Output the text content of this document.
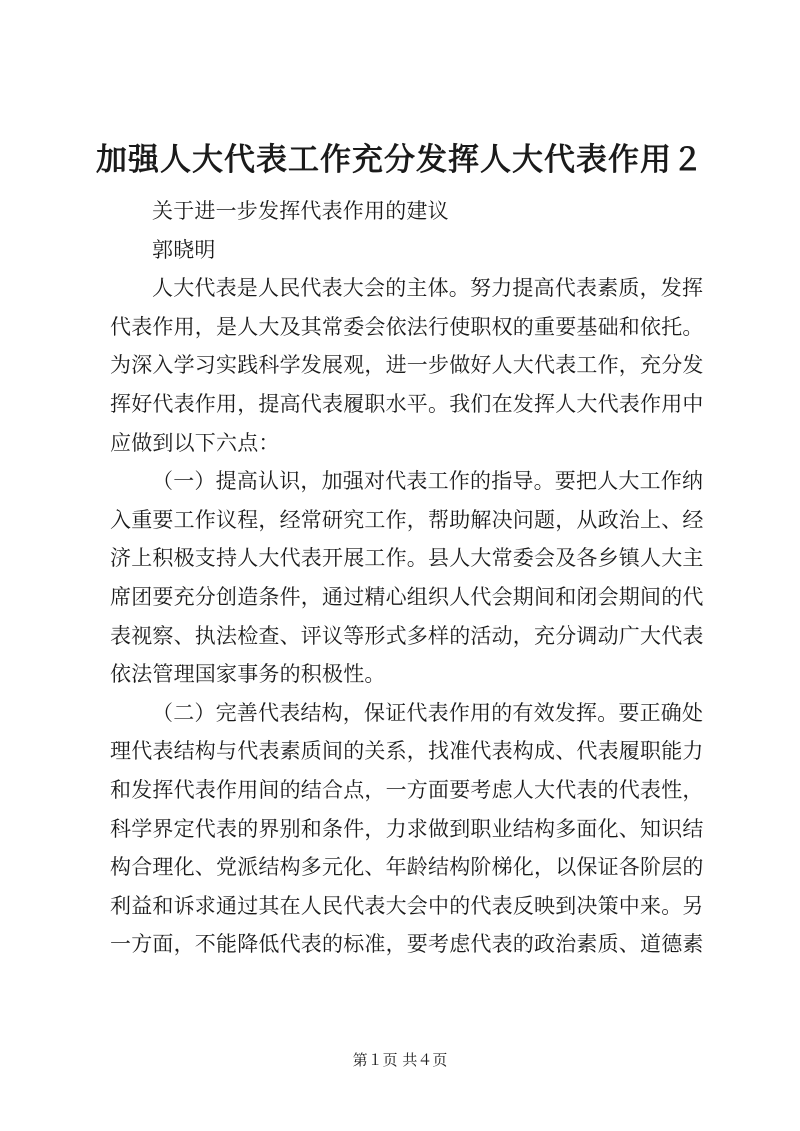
加强人大代表工作充分发挥人大代表作用２
关于进一步发挥代表作用的建议
郭晓明
人大代表是人民代表大会的主体。努力提高代表素质，发挥
代表作用，是人大及其常委会依法行使职权的重要基础和依托。
为深入学习实践科学发展观，进一步做好人大代表工作，充分发
挥好代表作用，提高代表履职水平。我们在发挥人大代表作用中
应做到以下六点：
（一）提高认识，加强对代表工作的指导。要把人大工作纳
入重要工作议程，经常研究工作，帮助解决问题，从政治上、经
济上积极支持人大代表开展工作。县人大常委会及各乡镇人大主
席团要充分创造条件，通过精心组织人代会期间和闭会期间的代
表视察、执法检查、评议等形式多样的活动，充分调动广大代表
依法管理国家事务的积极性。
（二）完善代表结构，保证代表作用的有效发挥。要正确处
理代表结构与代表素质间的关系，找准代表构成、代表履职能力
和发挥代表作用间的结合点，一方面要考虑人大代表的代表性，
科学界定代表的界别和条件，力求做到职业结构多面化、知识结
构合理化、党派结构多元化、年龄结构阶梯化，以保证各阶层的
利益和诉求通过其在人民代表大会中的代表反映到决策中来。另
一方面，不能降低代表的标准，要考虑代表的政治素质、道德素
第１页 共４页
